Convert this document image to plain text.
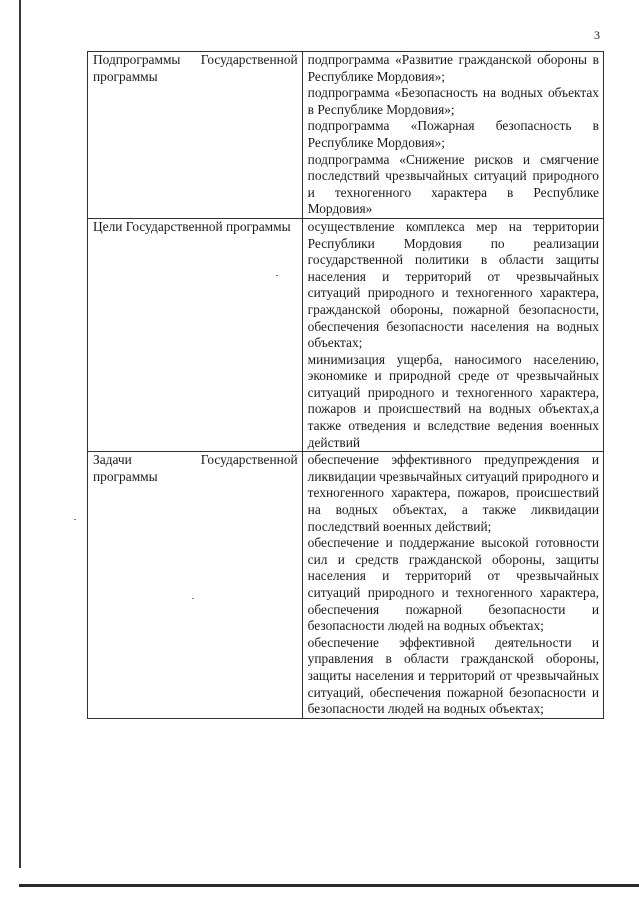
3
Подпрограммы Государственной программы	подпрограмма «Развитие гражданской обороны в Республике Мордовия»;
подпрограмма «Безопасность на водных объектах в Республике Мордовия»;
подпрограмма «Пожарная безопасность в Республике Мордовия»;
подпрограмма «Снижение рисков и смягчение последствий чрезвычайных ситуаций природного и техногенного характера в Республике Мордовия»

Цели Государственной программы	осуществление комплекса мер на территории Республики Мордовия по реализации государственной политики в области защиты населения и территорий от чрезвычайных ситуаций природного и техногенного характера, гражданской обороны, пожарной безопасности, обеспечения безопасности населения на водных объектах;
минимизация ущерба, наносимого населению, экономике и природной среде от чрезвычайных ситуаций природного и техногенного характера, пожаров и происшествий на водных объектах,а также отведения и вследствие ведения военных действий

Задачи Государственной программы	обеспечение эффективного предупреждения и ликвидации чрезвычайных ситуаций природного и техногенного характера, пожаров, происшествий на водных объектах, а также ликвидации последствий военных действий;
обеспечение и поддержание высокой готовности сил и средств гражданской обороны, защиты населения и территорий от чрезвычайных ситуаций природного и техногенного характера, обеспечения пожарной безопасности и безопасности людей на водных объектах;
обеспечение эффективной деятельности и управления в области гражданской обороны, защиты населения и территорий от чрезвычайных ситуаций, обеспечения пожарной безопасности и безопасности людей на водных объектах;
